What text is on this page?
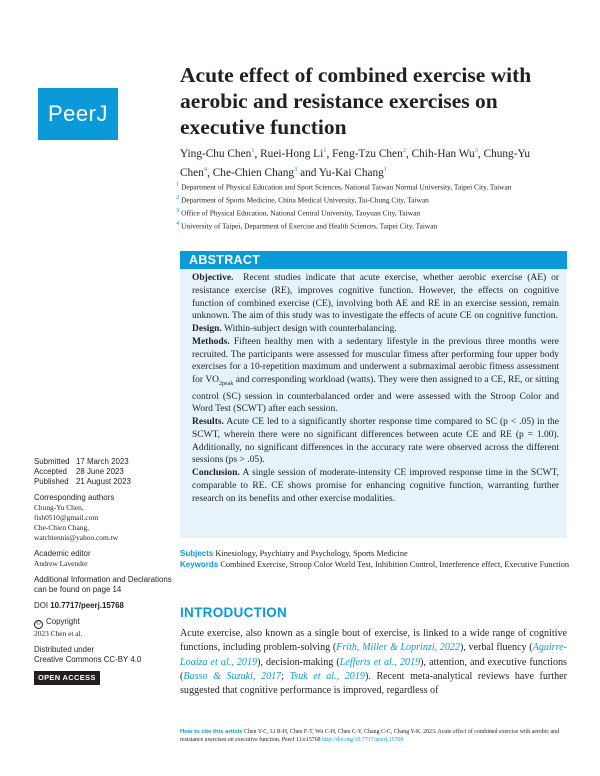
PeerJ
Acute effect of combined exercise with aerobic and resistance exercises on executive function
Ying-Chu Chen$^1$, Ruei-Hong Li$^1$, Feng-Tzu Chen$^2$, Chih-Han Wu$^3$, Chung-Yu Chen$^4$, Che-Chien Chang$^3$ and Yu-Kai Chang$^1$
$^1$ Department of Physical Education and Sport Sciences, National Taiwan Normal University, Taipei City, Taiwan
$^2$ Department of Sports Medicine, China Medical University, Tai-Chung City, Taiwan
$^3$ Office of Physical Education, National Central University, Taoyuan City, Taiwan
$^4$ University of Taipei, Department of Exercise and Health Sciences, Taipei City, Taiwan
ABSTRACT

Objective. Recent studies indicate that acute exercise, whether aerobic exercise (AE) or resistance exercise (RE), improves cognitive function. However, the effects on cognitive function of combined exercise (CE), involving both AE and RE in an exercise session, remain unknown. The aim of this study was to investigate the effects of acute CE on cognitive function.

Design. Within-subject design with counterbalancing.

Methods. Fifteen healthy men with a sedentary lifestyle in the previous three months were recruited. The participants were assessed for muscular fitness after performing four upper body exercises for a 10-repetition maximum and underwent a submaximal aerobic fitness assessment for $VO_{2peak}$ and corresponding workload (watts). They were then assigned to a CE, RE, or sitting control (SC) session in counterbalanced order and were assessed with the Stroop Color and Word Test (SCWT) after each session.

Results. Acute CE led to a significantly shorter response time compared to SC (p < .05) in the SCWT, wherein there were no significant differences between acute CE and RE (p = 1.00). Additionally, no significant differences in the accuracy rate were observed across the different sessions (ps > .05).

Conclusion. A single session of moderate-intensity CE improved response time in the SCWT, comparable to RE. CE shows promise for enhancing cognitive function, warranting further research on its benefits and other exercise modalities.

Subjects Kinesiology, Psychiatry and Psychology, Sports Medicine
Keywords Combined Exercise, Stroop Color World Test, Inhibition Control, Interference effect, Executive Function
Submitted 17 March 2023
Accepted	28 June 2023
Published 21 August 2023
Corresponding authors
Chung-Yu Chen,
fish0510@gmail.com
Che-Chien Chang,
watchtennis@yahoo.com.tw
Academic editor
Andrew Lavender
Additional Information and Declarations can be found on page 14
DOI 10.7717/peerj.15768
© Copyright
2023 Chen et al.
Distributed under
Creative Commons CC-BY 4.0
OPEN ACCESS
INTRODUCTION

Acute exercise, also known as a single bout of exercise, is linked to a wide range of cognitive functions, including problem-solving (Frith, Miller & Loprinzi, 2022), verbal fluency (Aguirre-Loaiza et al., 2019), decision-making (Lefferts et al., 2019), attention, and executive functions (Basso & Suzuki, 2017; Tsuk et al., 2019). Recent meta-analytical reviews have further suggested that cognitive performance is improved, regardless of

How to cite this article Chen Y-C, Li R-H, Chen F-T, Wu C-H, Chen C-Y, Chang C-C, Chang Y-K. 2023. Acute effect of combined exercise with aerobic and resistance exercises on executive function. PeerJ 11:e15768 http://doi.org/10.7717/peerj.15768
